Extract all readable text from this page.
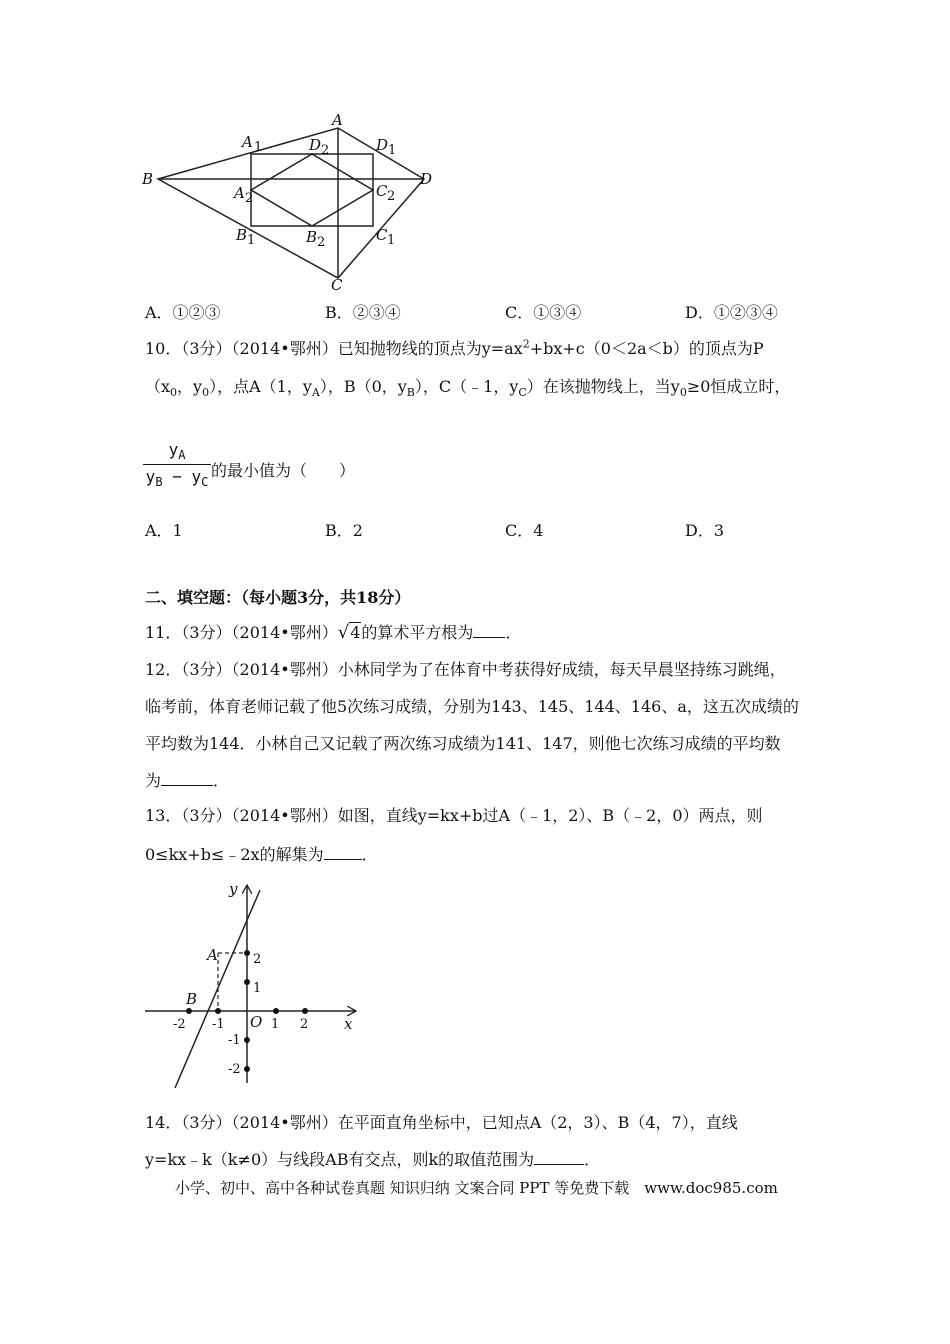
A
A 1	D 2	D 1
B
A 2	C 2
D
B 1	B 2	C 1
C
A．①②③	B．②③④	C．①③④	D．①②③④
10．（3分）（2014•鄂州）已知抛物线的顶点为$y=ax^2+bx+c(0<2a<b)$的顶点为P
（$x_0$，$y_0$），点A（1，$y_A$），B（0，$y_B$），C（﹣1，$y_C$）在该抛物线上，当$y_0\ge 0$恒成立时，
$y_A$
$y_B - y_C$
的最小值为（　　）
A．1	B．2	C．4	D．3
二、填空题：（每小题3分，共18分）
11．（3分）（2014•鄂州）√4的算术平方根为 ．
12．（3分）（2014•鄂州）小林同学为了在体育中考获得好成绩，每天早晨坚持练习跳绳，
临考前，体育老师记载了他5次练习成绩，分别为143、145、144、146、a，这五次成绩的
平均数为144．小林自己又记载了两次练习成绩为141、147，则他七次练习成绩的平均数
为	．
13．（3分）（2014•鄂州）如图，直线y=kx+b过A（﹣1，2）、B（﹣2，0）两点，则
0≤kx+b≤﹣2x的解集为 ．
y
x
O
A
B
-2 -1	1 2
2
1
-1
-2
14．（3分）（2014•鄂州）在平面直角坐标中，已知点A（2，3）、B（4，7），直线
y=kx﹣k（k≠0）与线段AB有交点，则k的取值范围为	．
小学、初中、高中各种试卷真题 知识归纳 文案合同 PPT 等免费下载　www.doc985.com
